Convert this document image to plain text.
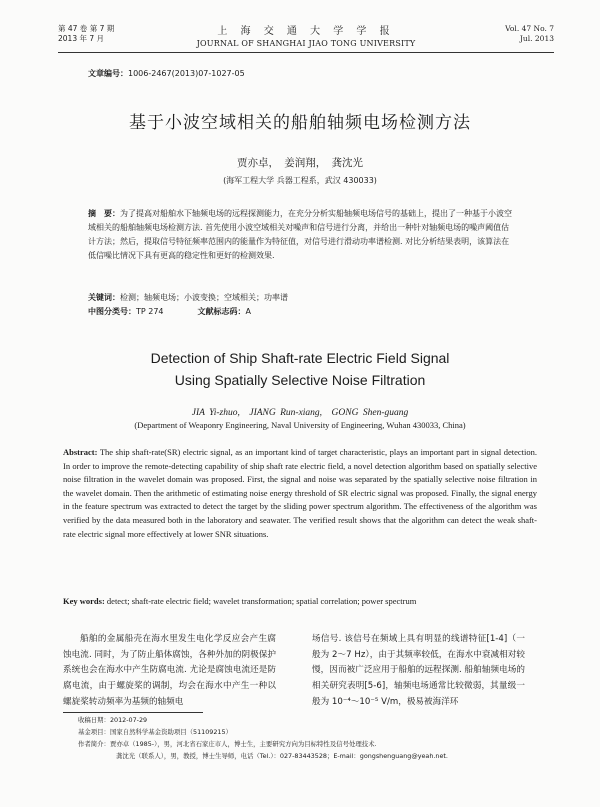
第 47 卷 第 7 期
2013 年 7 月
上 海 交 通 大 学 学 报
JOURNAL OF SHANGHAI JIAO TONG UNIVERSITY
Vol. 47 No. 7
Jul. 2013
文章编号：1006-2467(2013)07-1027-05
基于小波空域相关的船舶轴频电场检测方法
贾亦卓，　姜润翔，　龚沈光
(海军工程大学 兵器工程系，武汉 430033)
摘　要：为了提高对船舶水下轴频电场的远程探测能力，在充分分析实船轴频电场信号的基础上，提出了一种基于小波空域相关的船舶轴频电场检测方法. 首先使用小波空域相关对噪声和信号进行分离，并给出一种针对轴频电场的噪声阈值估计方法；然后，提取信号特征频率范围内的能量作为特征值，对信号进行滑动功率谱检测. 对比分析结果表明，该算法在低信噪比情况下具有更高的稳定性和更好的检测效果.
关键词：检测；轴频电场；小波变换；空域相关；功率谱
中图分类号：TP 274	文献标志码：A
Detection of Ship Shaft-rate Electric Field Signal
Using Spatially Selective Noise Filtration
JIA Yi-zhuo,　JIANG Run-xiang,　GONG Shen-guang
(Department of Weaponry Engineering, Naval University of Engineering, Wuhan 430033, China)
Abstract: The ship shaft-rate(SR) electric signal, as an important kind of target characteristic, plays an important part in signal detection. In order to improve the remote-detecting capability of ship shaft rate electric field, a novel detection algorithm based on spatially selective noise filtration in the wavelet domain was proposed. First, the signal and noise was separated by the spatially selective noise filtration in the wavelet domain. Then the arithmetic of estimating noise energy threshold of SR electric signal was proposed. Finally, the signal energy in the feature spectrum was extracted to detect the target by the sliding power spectrum algorithm. The effectiveness of the algorithm was verified by the data measured both in the laboratory and seawater. The verified result shows that the algorithm can detect the weak shaft-rate electric signal more effectively at lower SNR situations.
Key words: detect; shaft-rate electric field; wavelet transformation; spatial correlation; power spectrum
船舶的金属船壳在海水里发生电化学反应会产生腐蚀电流. 同时，为了防止船体腐蚀，各种外加的阴极保护系统也会在海水中产生防腐电流. 尤论是腐蚀电流还是防腐电流，由于螺旋桨的调制，均会在海水中产生一种以螺旋桨转动频率为基频的轴频电
场信号. 该信号在频域上具有明显的线谱特征[1-4]（一般为 2～7 Hz），由于其频率较低，在海水中衰减相对较慢，因而被广泛应用于船舶的远程探测. 船舶轴频电场的相关研究表明[5-6]，轴频电场通常比较微弱，其量级一般为 10⁻⁴～10⁻⁵ V/m，极易被海洋环
收稿日期：2012-07-29
基金项目：国家自然科学基金资助项目（51109215）
作者简介：贾亦卓（1985-），男，河北省石家庄市人，博士生，主要研究方向为目标特性及信号处理技术.
龚沈光（联系人），男，教授，博士生导师，电话（Tel.）：027-83443528；E-mail：gongshenguang@yeah.net.
